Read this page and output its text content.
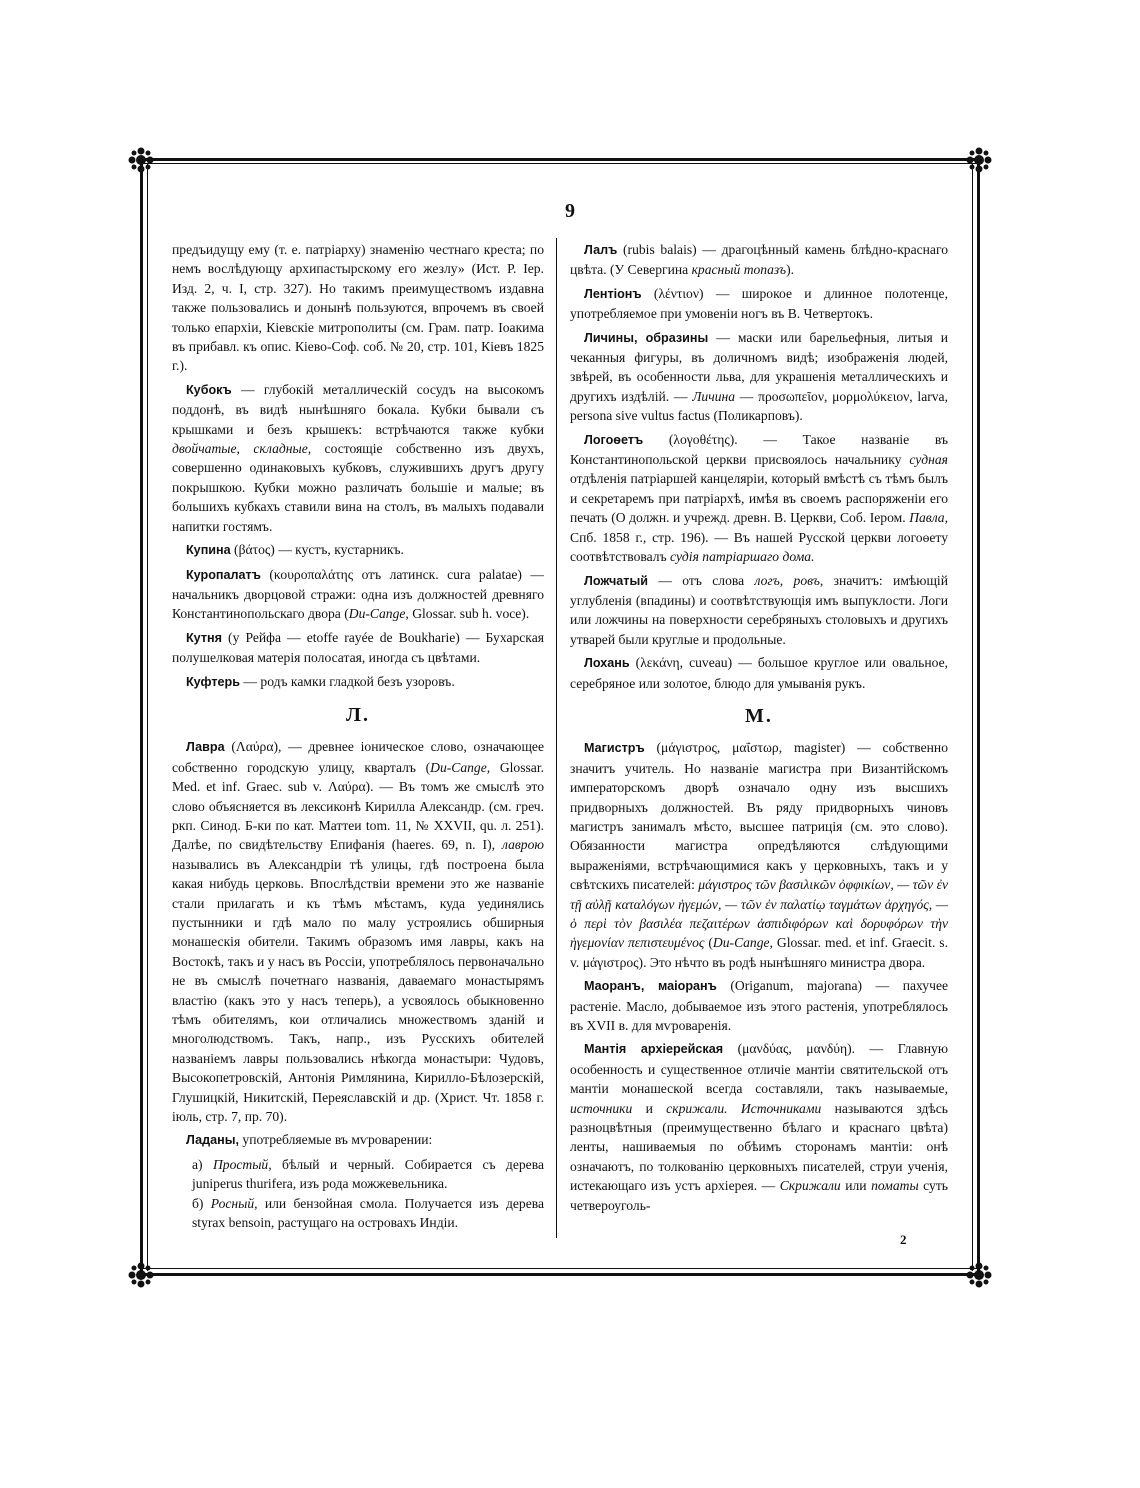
9

предъидущу ему (т. е. патріарху) знаменію честнаго креста; по немъ вослѣдующу архипастырскому его жезлу» (Ист. Р. Іер. Изд. 2, ч. I, стр. 327). Но такимъ преимуществомъ издавна также пользовались и донынѣ пользуются, впрочемъ въ своей только епархіи, Кіевскіе митрополиты (см. Грам. патр. Іоакима въ прибавл. къ опис. Кіево-Соф. соб. № 20, стр. 101, Кіевъ 1825 г.).

Кубокъ — глубокій металлическій сосудъ на высокомъ поддонѣ, въ видѣ нынѣшняго бокала. Кубки бывали съ крышками и безъ крышекъ: встрѣчаются также кубки двойчатые, складные, состоящіе собственно изъ двухъ, совершенно одинаковыхъ кубковъ, служившихъ другъ другу покрышкою. Кубки можно различать большіе и малые; въ большихъ кубкахъ ставили вина на столъ, въ малыхъ подавали напитки гостямъ.

Купина (βάτος) — кустъ, кустарникъ.

Куропалатъ (κουροπαλάτης отъ латинск. cura palatae) — начальникъ дворцовой стражи: одна изъ должностей древняго Константинопольскаго двора (Du-Cange, Glossar. sub h. voce).

Кутня (у Рейфа — etoffe rayée de Boukharie) — Бухарская полушелковая матерія полосатая, иногда съ цвѣтами.

Куфтерь — родъ камки гладкой безъ узоровъ.

Л.

Лавра (Λαύρα), — древнее іоническое слово, означающее собственно городскую улицу, кварталъ (Du-Cange, Glossar. Med. et inf. Graec. sub v. Λαύρα). — Въ томъ же смыслѣ это слово объясняется въ лексиконѣ Кирилла Александр. (см. греч. ркп. Синод. Б-ки по кат. Маттеи tom. 11, № XXVII, qu. л. 251). Далѣе, по свидѣтельству Епифанія (haeres. 69, n. I), лаврою назывались въ Александріи тѣ улицы, гдѣ построена была какая нибудь церковь. Впослѣдствіи времени это же названіе стали прилагать и къ тѣмъ мѣстамъ, куда уединялись пустынники и гдѣ мало по малу устроялись обширныя монашескія обители. Такимъ образомъ имя лавры, какъ на Востокѣ, такъ и у насъ въ Россіи, употреблялось первоначально не въ смыслѣ почетнаго названія, даваемаго монастырямъ властію (какъ это у насъ теперь), а усвоялось обыкновенно тѣмъ обителямъ, кои отличались множествомъ зданій и многолюдствомъ. Такъ, напр., изъ Русскихъ обителей названіемъ лавры пользовались нѣкогда монастыри: Чудовъ, Высокопетровскій, Антонія Римлянина, Кирилло-Бѣлозерскій, Глушицкій, Никитскій, Переяславскій и др. (Христ. Чт. 1858 г. іюль, стр. 7, пр. 70).

Ладаны, употребляемые въ мѵроварении:

а) Простый, бѣлый и черный. Собирается съ дерева juniperus thurifera, изъ рода можжевельника.

б) Росный, или бензойная смола. Получается изъ дерева styrax bensoin, растущаго на островахъ Индіи.

Лалъ (rubis balais) — драгоцѣнный камень блѣдно-краснаго цвѣта. (У Севергина красный топазъ).

Лентіонъ (λέντιον) — широкое и длинное полотенце, употребляемое при умовеніи ногъ въ В. Четвертокъ.

Личины, образины — маски или барельефныя, литыя и чеканныя фигуры, въ доличномъ видѣ; изображенія людей, звѣрей, въ особенности льва, для украшенія металлическихъ и другихъ издѣлій. — Личина — προσωπεῖον, μορμολύκειον, larva, persona sive vultus factus (Поликарповъ).

Логоѳетъ (λογοθέτης). — Такое названіе въ Константинопольской церкви присвоялось начальнику судная отдѣленія патріаршей канцеляріи, который вмѣстѣ съ тѣмъ былъ и секретаремъ при патріархѣ, имѣя въ своемъ распоряженіи его печать (О должн. и учрежд. древн. В. Церкви, Соб. Іером. Павла, Спб. 1858 г., стр. 196). — Въ нашей Русской церкви логоѳету соотвѣтствовалъ судія патріаршаго дома.

Ложчатый — отъ слова логъ, ровъ, значитъ: имѣющій углубленія (впадины) и соотвѣтствующія имъ выпуклости. Логи или ложчины на поверхности серебряныхъ столовыхъ и другихъ утварей были круглые и продольные.

Лохань (λεκάνη, cuveau) — большое круглое или овальное, серебряное или золотое, блюдо для умыванія рукъ.

М.

Магистръ (μάγιστρος, μαΐστωρ, magister) — собственно значитъ учитель. Но названіе магистра при Византійскомъ императорскомъ дворѣ означало одну изъ высшихъ придворныхъ должностей. Въ ряду придворныхъ чиновъ магистръ занималъ мѣсто, высшее патриція (см. это слово). Обязанности магистра опредѣляются слѣдующими выраженіями, встрѣчающимися какъ у церковныхъ, такъ и у свѣтскихъ писателей: μάγιστρος τῶν βασιλικῶν ὀφφικίων, — τῶν ἐν τῇ αὐλῇ καταλόγων ἡγεμών, — τῶν ἐν παλατίῳ ταγμάτων ἀρχηγός, — ὁ περὶ τὸν βασιλέα πεζαιτέρων ἀσπιδιφόρων καὶ δορυφόρων τὴν ἡγεμονίαν πεπιστευμένος (Du-Cange, Glossar. med. et inf. Graecit. s. v. μάγιστρος). Это нѣчто въ родѣ нынѣшняго министра двора.

Маоранъ, маіоранъ (Origanum, majorana) — пахучее растеніе. Масло, добываемое изъ этого растенія, употреблялось въ XVII в. для мѵроваренія.

Мантія архіерейская (μανδύας, μανδύη). — Главную особенность и существенное отличіе мантіи святительской отъ мантіи монашеской всегда составляли, такъ называемые, источники и скрижали. Источниками называются здѣсь разноцвѣтныя (преимущественно бѣлаго и краснаго цвѣта) ленты, нашиваемыя по обѣимъ сторонамъ мантіи: онѣ означаютъ, по толкованію церковныхъ писателей, струи ученія, истекающаго изъ устъ архіерея. — Скрижали или поматы суть четвероуголь-

2
